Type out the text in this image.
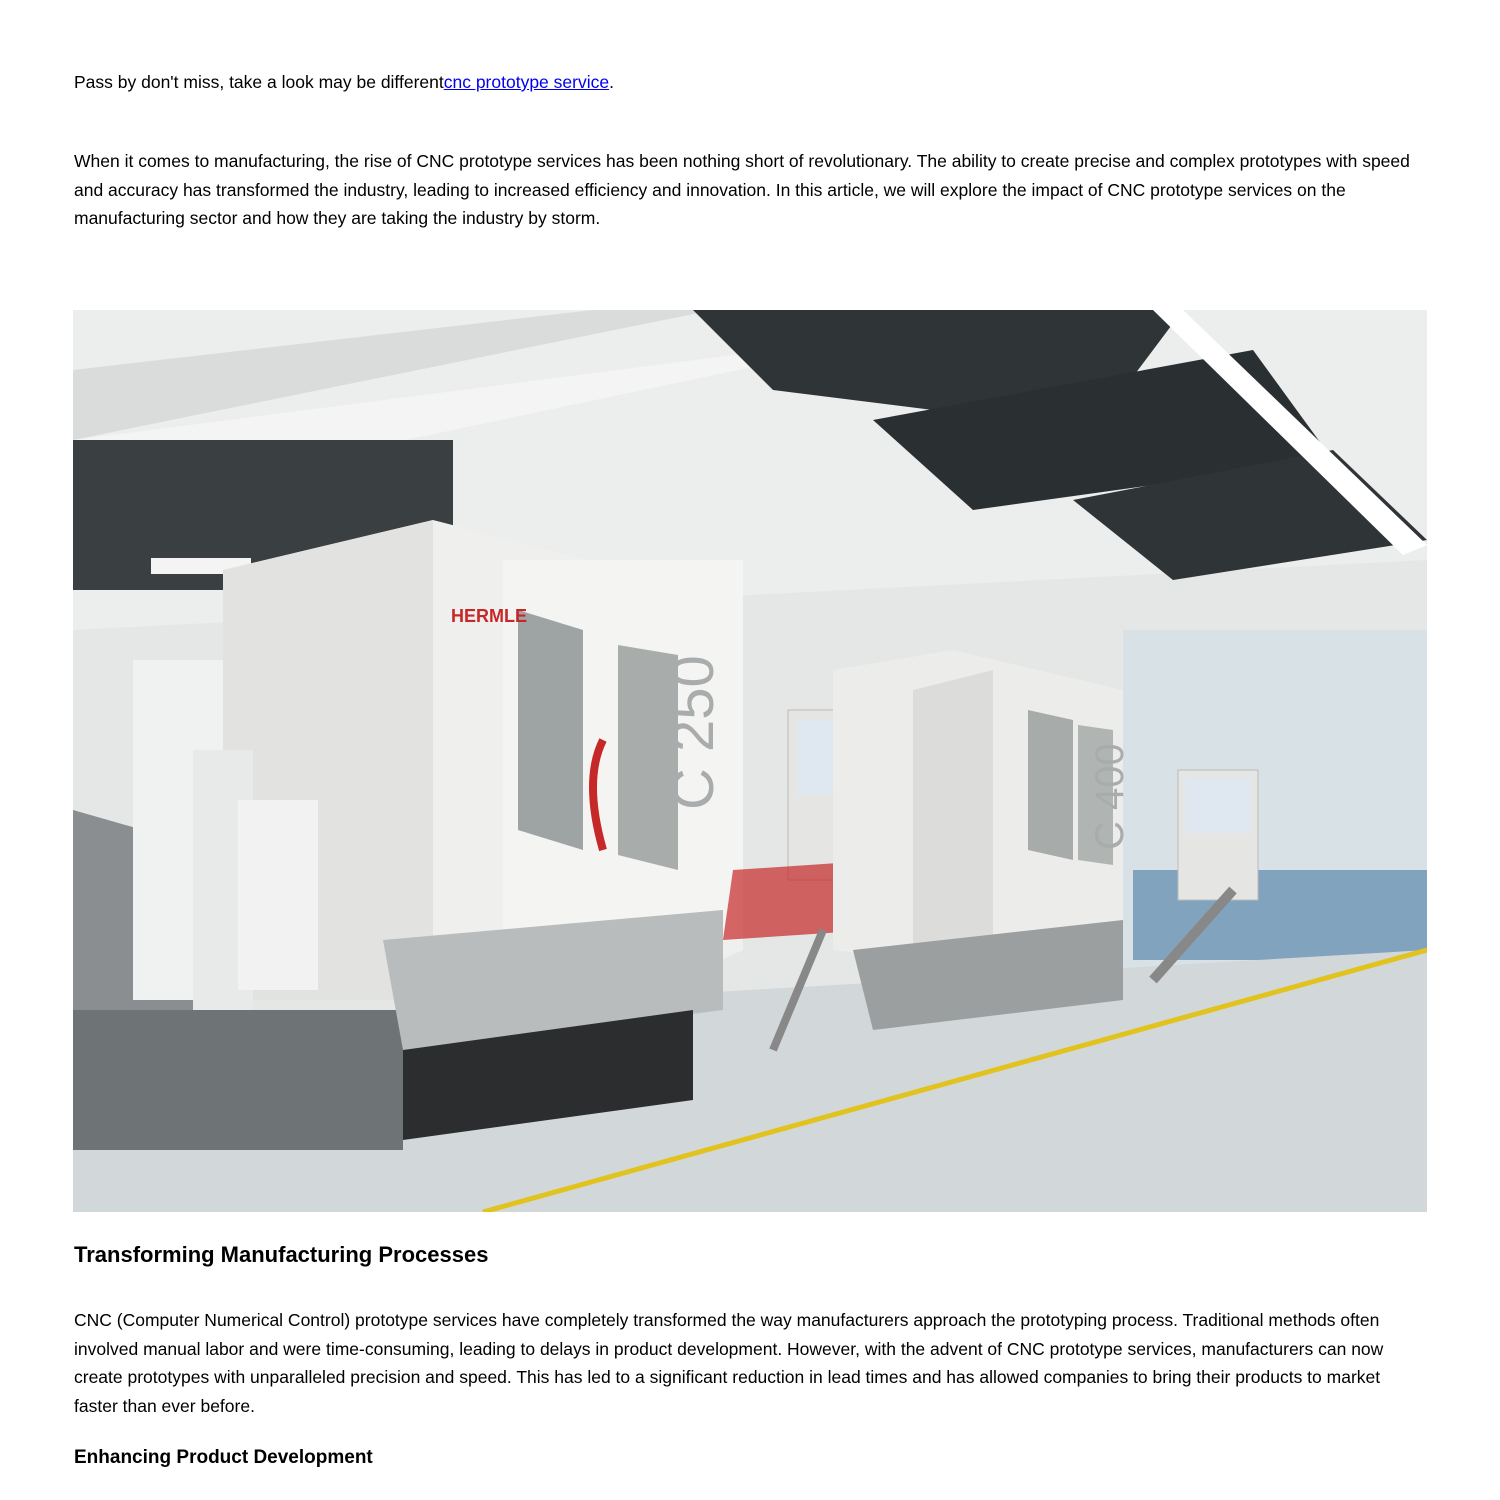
Pass by don't miss, take a look may be differentcnc prototype service.

When it comes to manufacturing, the rise of CNC prototype services has been nothing short of revolutionary. The ability to create precise and complex prototypes with speed and accuracy has transformed the industry, leading to increased efficiency and innovation. In this article, we will explore the impact of CNC prototype services on the manufacturing sector and how they are taking the industry by storm.

C 250
HERMLE
C 400
Transforming Manufacturing Processes

CNC (Computer Numerical Control) prototype services have completely transformed the way manufacturers approach the prototyping process. Traditional methods often involved manual labor and were time-consuming, leading to delays in product development. However, with the advent of CNC prototype services, manufacturers can now create prototypes with unparalleled precision and speed. This has led to a significant reduction in lead times and has allowed companies to bring their products to market faster than ever before.

Enhancing Product Development
